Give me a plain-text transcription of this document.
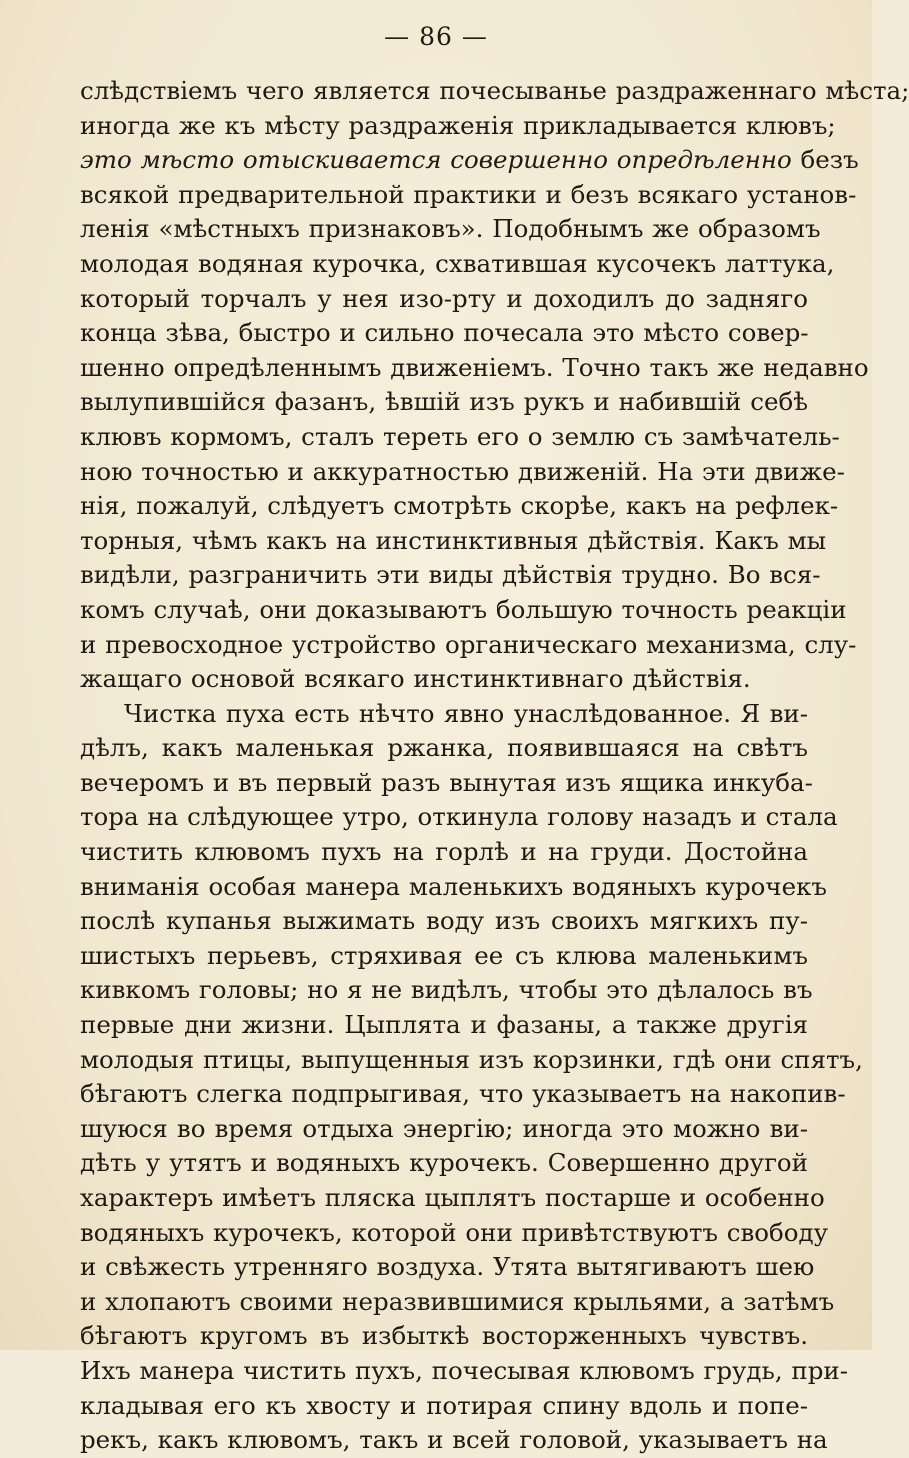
— 86 —
слѣдствіемъ чего является почесыванье раздраженнаго мѣста;
иногда же къ мѣсту раздраженія прикладывается клювъ;
это мѣсто отыскивается совершенно опредѣленно безъ
всякой предварительной практики и безъ всякаго установ-
ленія «мѣстныхъ признаковъ». Подобнымъ же образомъ
молодая водяная курочка, схватившая кусочекъ латтука,
который торчалъ у нея изо-рту и доходилъ до задняго
конца зѣва, быстро и сильно почесала это мѣсто совер-
шенно опредѣленнымъ движеніемъ. Точно такъ же недавно
вылупившійся фазанъ, ѣвшій изъ рукъ и набившій себѣ
клювъ кормомъ, сталъ тереть его о землю съ замѣчатель-
ною точностью и аккуратностью движеній. На эти движе-
нія, пожалуй, слѣдуетъ смотрѣть скорѣе, какъ на рефлек-
торныя, чѣмъ какъ на инстинктивныя дѣйствія. Какъ мы
видѣли, разграничить эти виды дѣйствія трудно. Во вся-
комъ случаѣ, они доказываютъ большую точность реакціи
и превосходное устройство органическаго механизма, слу-
жащаго основой всякаго инстинктивнаго дѣйствія.
Чистка пуха есть нѣчто явно унаслѣдованное. Я ви-
дѣлъ, какъ маленькая ржанка, появившаяся на свѣтъ
вечеромъ и въ первый разъ вынутая изъ ящика инкуба-
тора на слѣдующее утро, откинула голову назадъ и стала
чистить клювомъ пухъ на горлѣ и на груди. Достойна
вниманія особая манера маленькихъ водяныхъ курочекъ
послѣ купанья выжимать воду изъ своихъ мягкихъ пу-
шистыхъ перьевъ, стряхивая ее съ клюва маленькимъ
кивкомъ головы; но я не видѣлъ, чтобы это дѣлалось въ
первые дни жизни. Цыплята и фазаны, а также другія
молодыя птицы, выпущенныя изъ корзинки, гдѣ они спятъ,
бѣгаютъ слегка подпрыгивая, что указываетъ на накопив-
шуюся во время отдыха энергію; иногда это можно ви-
дѣть у утятъ и водяныхъ курочекъ. Совершенно другой
характеръ имѣетъ пляска цыплятъ постарше и особенно
водяныхъ курочекъ, которой они привѣтствуютъ свободу
и свѣжесть утренняго воздуха. Утята вытягиваютъ шею
и хлопаютъ своими неразвившимися крыльями, а затѣмъ
бѣгаютъ кругомъ въ избыткѣ восторженныхъ чувствъ.
Ихъ манера чистить пухъ, почесывая клювомъ грудь, при-
кладывая его къ хвосту и потирая спину вдоль и попе-
рекъ, какъ клювомъ, такъ и всей головой, указываетъ на
